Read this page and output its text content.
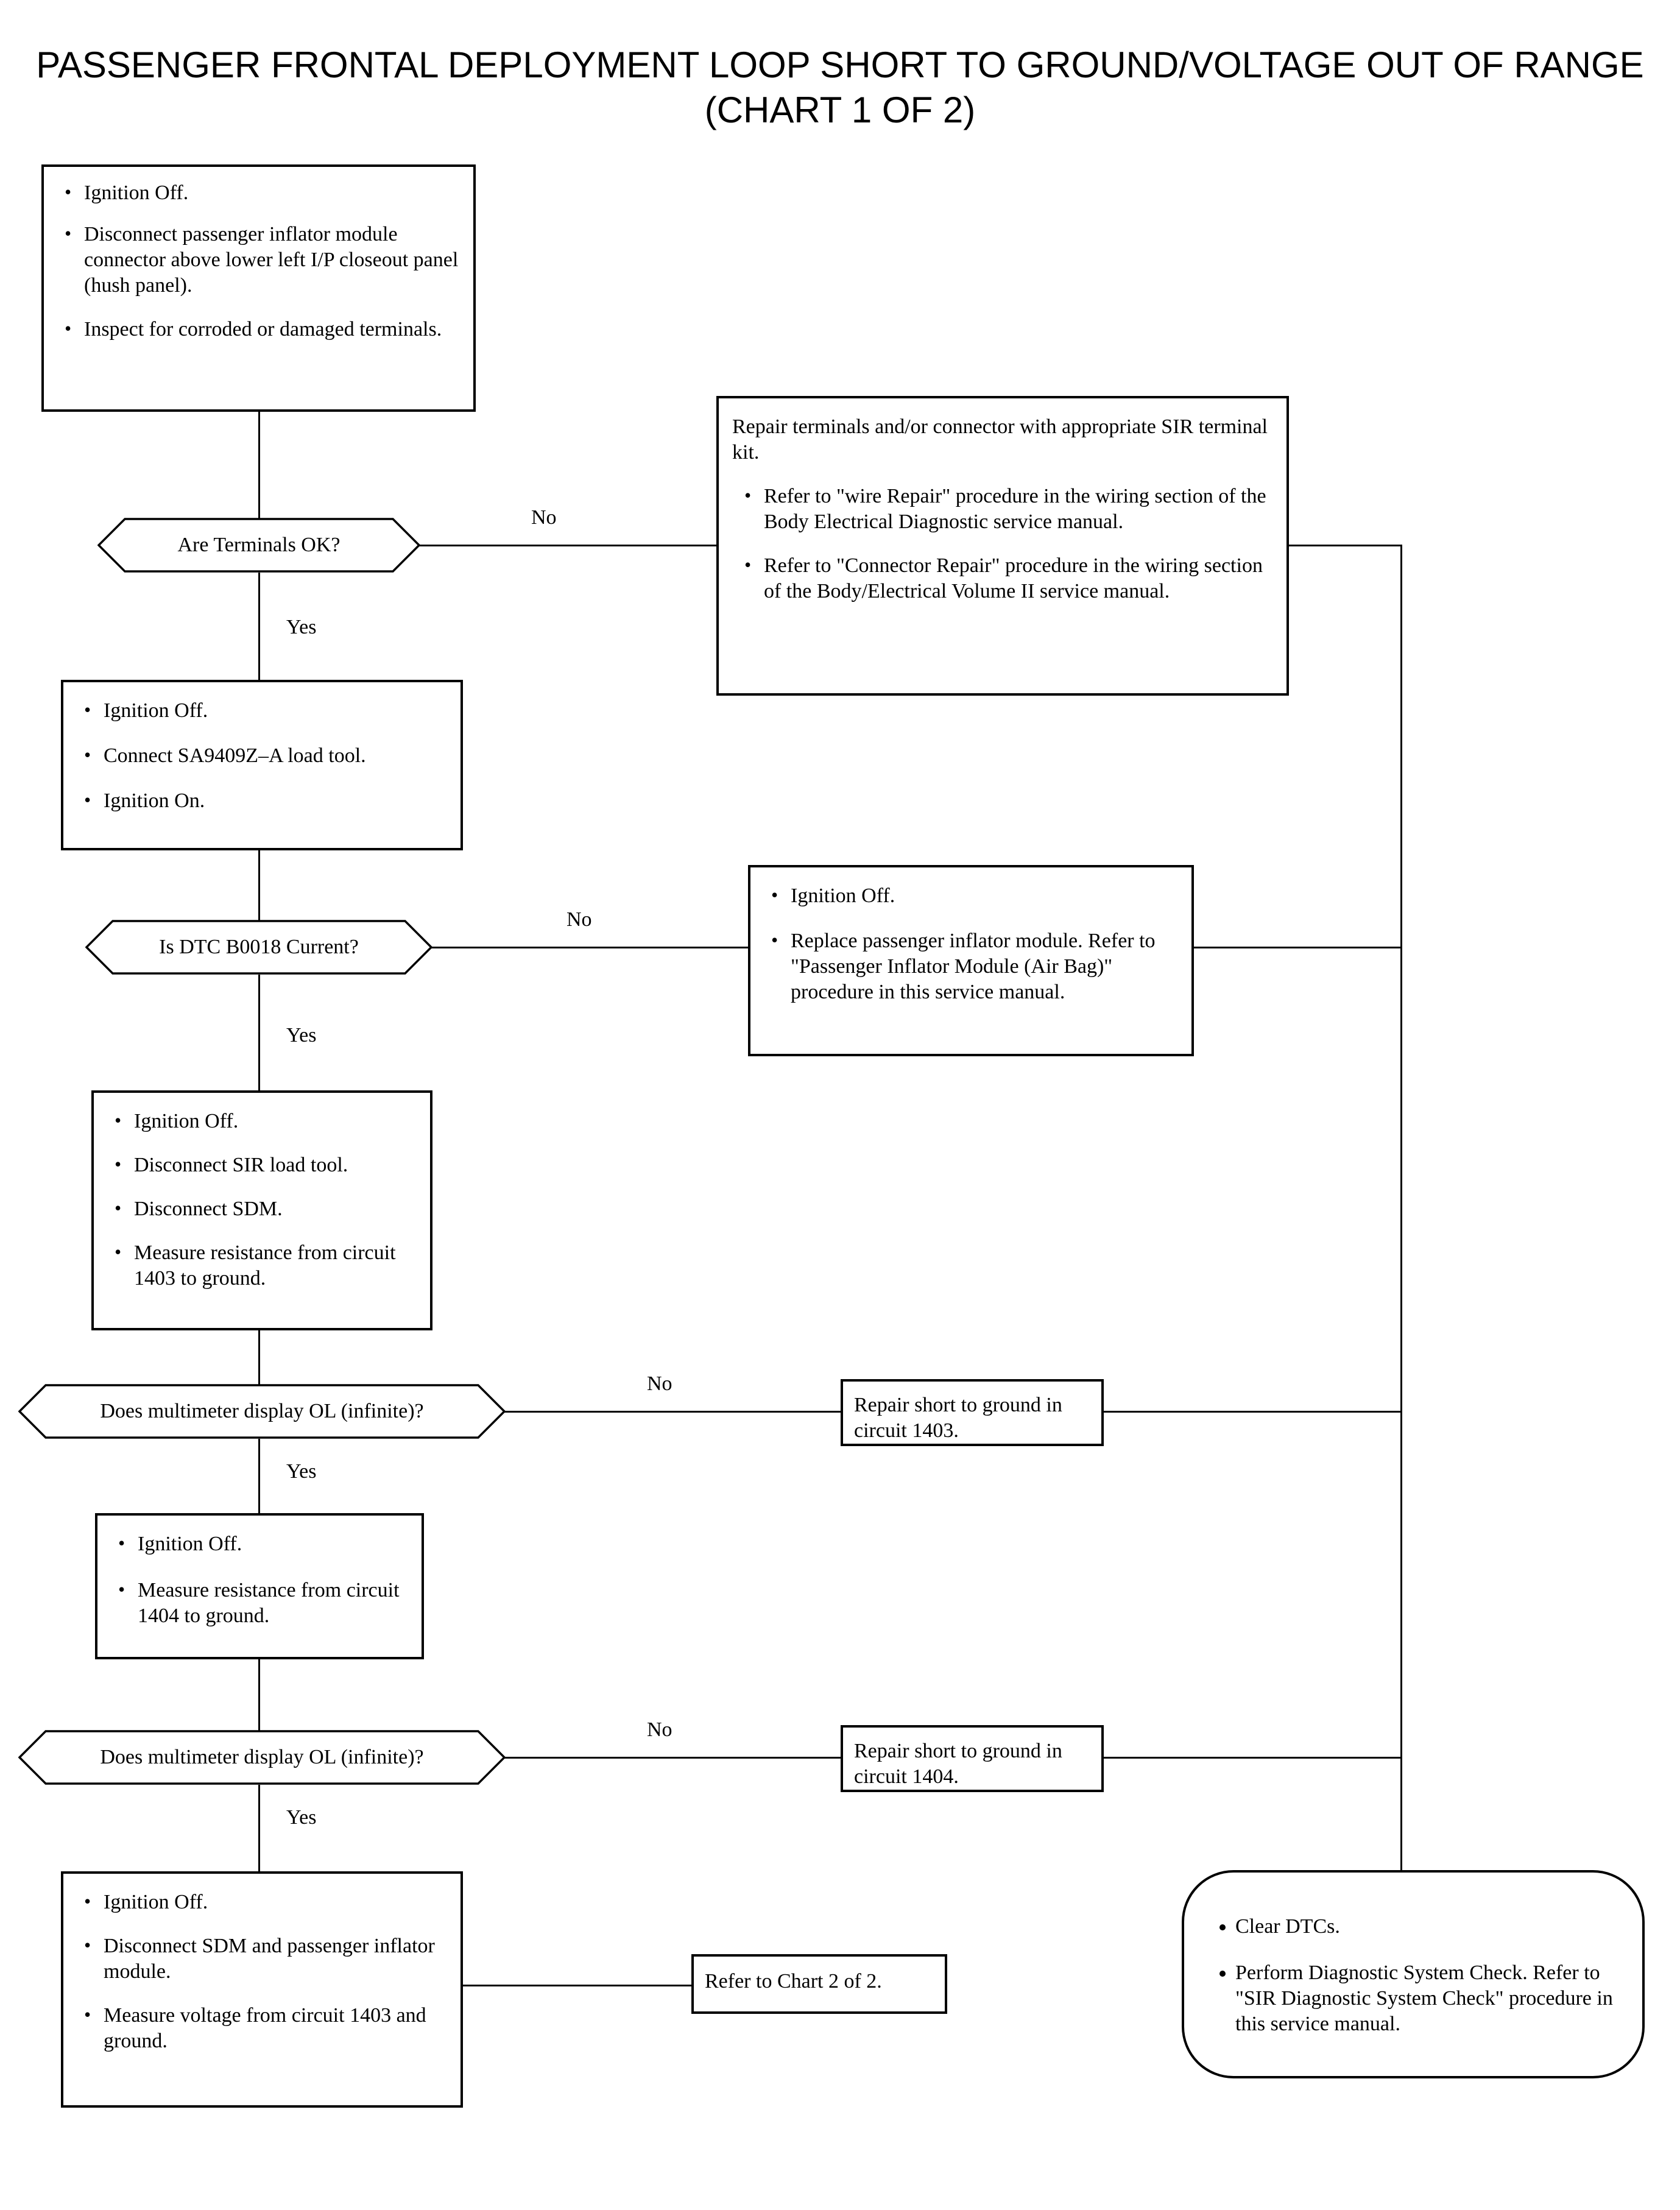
PASSENGER FRONTAL DEPLOYMENT LOOP SHORT TO GROUND/VOLTAGE OUT OF RANGE (CHART 1 OF 2)
• Ignition Off.
• Disconnect passenger inflator module connector above lower left I/P closeout panel (hush panel).
• Inspect for corroded or damaged terminals.
Are Terminals OK?
No
Yes
Repair terminals and/or connector with appropriate SIR terminal kit.
• Refer to "wire Repair" procedure in the wiring section of the Body Electrical Diagnostic service manual.
• Refer to "Connector Repair" procedure in the wiring section of the Body/Electrical Volume II service manual.
• Ignition Off.
• Connect SA9409Z–A load tool.
• Ignition On.
Is DTC B0018 Current?
No
Yes
• Ignition Off.
• Replace passenger inflator module. Refer to "Passenger Inflator Module (Air Bag)" procedure in this service manual.
• Ignition Off.
• Disconnect SIR load tool.
• Disconnect SDM.
• Measure resistance from circuit 1403 to ground.
Does multimeter display OL (infinite)?
No
Yes
Repair short to ground in circuit 1403.
• Ignition Off.
• Measure resistance from circuit 1404 to ground.
Does multimeter display OL (infinite)?
No
Yes
Repair short to ground in circuit 1404.
• Ignition Off.
• Disconnect SDM and passenger inflator module.
• Measure voltage from circuit 1403 and ground.
Refer to Chart 2 of 2.
• Clear DTCs.
• Perform Diagnostic System Check. Refer to "SIR Diagnostic System Check" procedure in this service manual.
